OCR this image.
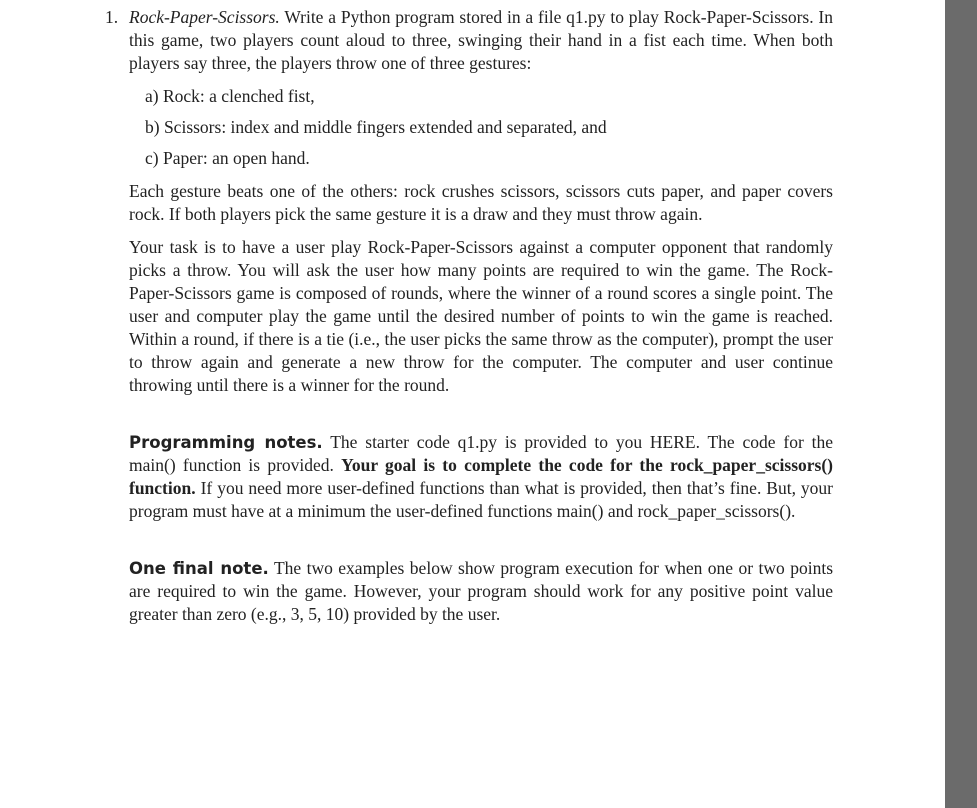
1. Rock-Paper-Scissors. Write a Python program stored in a file q1.py to play Rock-Paper-Scissors. In this game, two players count aloud to three, swinging their hand in a fist each time. When both players say three, the players throw one of three gestures:
a) Rock: a clenched fist,
b) Scissors: index and middle fingers extended and separated, and
c) Paper: an open hand.
Each gesture beats one of the others: rock crushes scissors, scissors cuts paper, and paper covers rock. If both players pick the same gesture it is a draw and they must throw again.
Your task is to have a user play Rock-Paper-Scissors against a computer opponent that randomly picks a throw. You will ask the user how many points are required to win the game. The Rock-Paper-Scissors game is composed of rounds, where the winner of a round scores a single point. The user and computer play the game until the desired number of points to win the game is reached. Within a round, if there is a tie (i.e., the user picks the same throw as the computer), prompt the user to throw again and generate a new throw for the computer. The computer and user continue throwing until there is a winner for the round.
Programming notes. The starter code q1.py is provided to you HERE. The code for the main() function is provided. Your goal is to complete the code for the rock_paper_scissors() function. If you need more user-defined functions than what is provided, then that’s fine. But, your program must have at a minimum the user-defined functions main() and rock_paper_scissors().
One final note. The two examples below show program execution for when one or two points are required to win the game. However, your program should work for any positive point value greater than zero (e.g., 3, 5, 10) provided by the user.
